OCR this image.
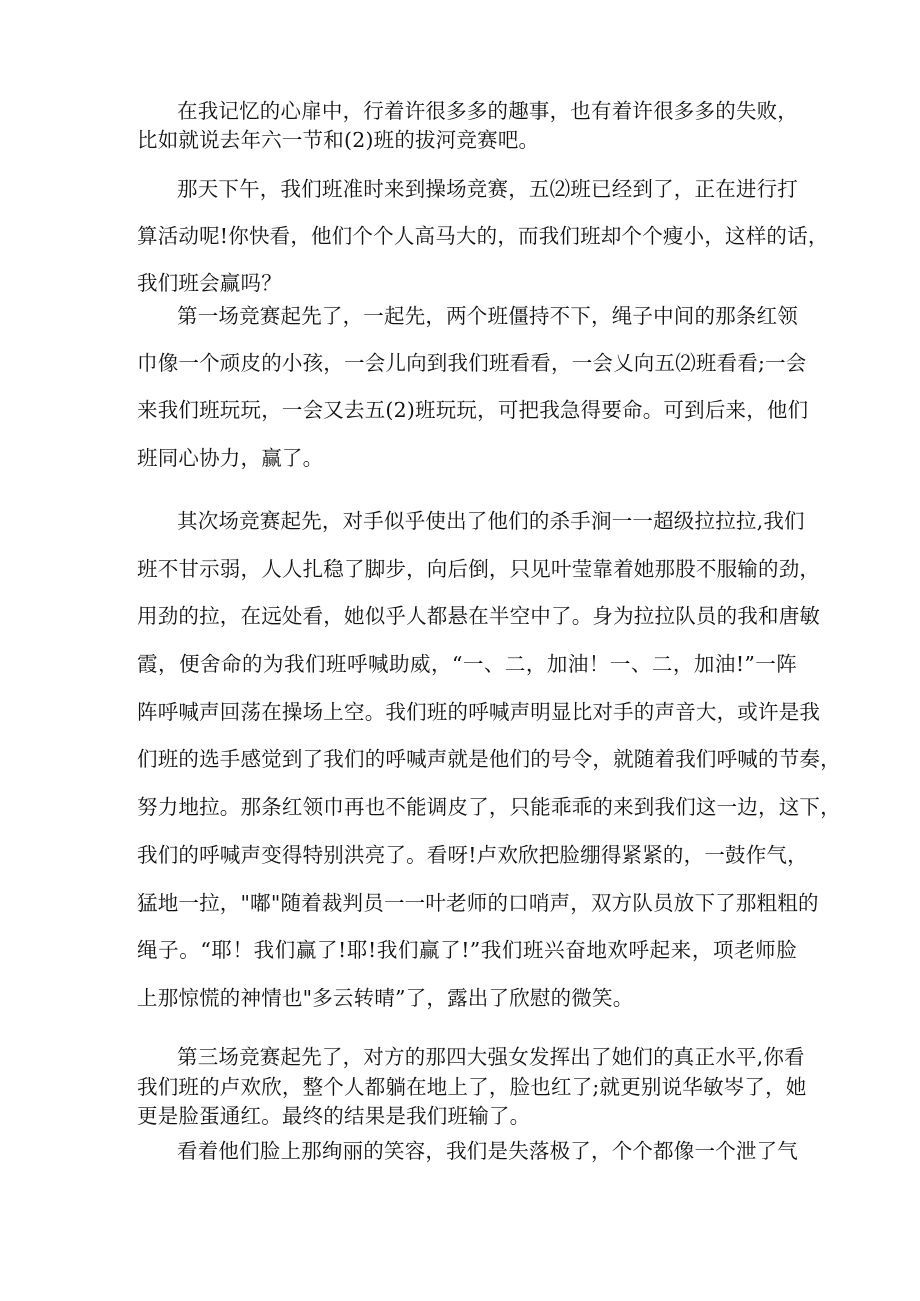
在我记忆的心扉中，行着许很多多的趣事，也有着许很多多的失败，
比如就说去年六一节和(2)班的拔河竞赛吧。
那天下午，我们班准时来到操场竞赛，五⑵班已经到了，正在进行打
算活动呢!你快看，他们个个人高马大的，而我们班却个个瘦小，这样的话，
我们班会赢吗？
第一场竞赛起先了，一起先，两个班僵持不下，绳子中间的那条红领
巾像一个顽皮的小孩，一会儿向到我们班看看，一会乂向五⑵班看看;一会
来我们班玩玩，一会又去五(2)班玩玩，可把我急得要命。可到后来，他们
班同心协力，赢了。
其次场竞赛起先，对手似乎使出了他们的杀手涧一一超级拉拉拉,我们
班不甘示弱，人人扎稳了脚步，向后倒，只见叶莹靠着她那股不服输的劲，
用劲的拉，在远处看，她似乎人都悬在半空中了。身为拉拉队员的我和唐敏
霞，便舍命的为我们班呼喊助威，“一、二，加油！一、二，加油!”一阵
阵呼喊声回荡在操场上空。我们班的呼喊声明显比对手的声音大，或许是我
们班的选手感觉到了我们的呼喊声就是他们的号令，就随着我们呼喊的节奏，
努力地拉。那条红领巾再也不能调皮了，只能乖乖的来到我们这一边，这下，
我们的呼喊声变得特别洪亮了。看呀!卢欢欣把脸绷得紧紧的，一鼓作气，
猛地一拉，"嘟"随着裁判员一一叶老师的口哨声，双方队员放下了那粗粗的
绳子。“耶！我们赢了!耶!我们赢了!”我们班兴奋地欢呼起来，项老师脸
上那惊慌的神情也"多云转晴”了，露出了欣慰的微笑。
第三场竞赛起先了，对方的那四大强女发挥出了她们的真正水平,你看
我们班的卢欢欣，整个人都躺在地上了，脸也红了;就更别说华敏岑了，她
更是脸蛋通红。最终的结果是我们班输了。
看着他们脸上那绚丽的笑容，我们是失落极了，个个都像一个泄了气
